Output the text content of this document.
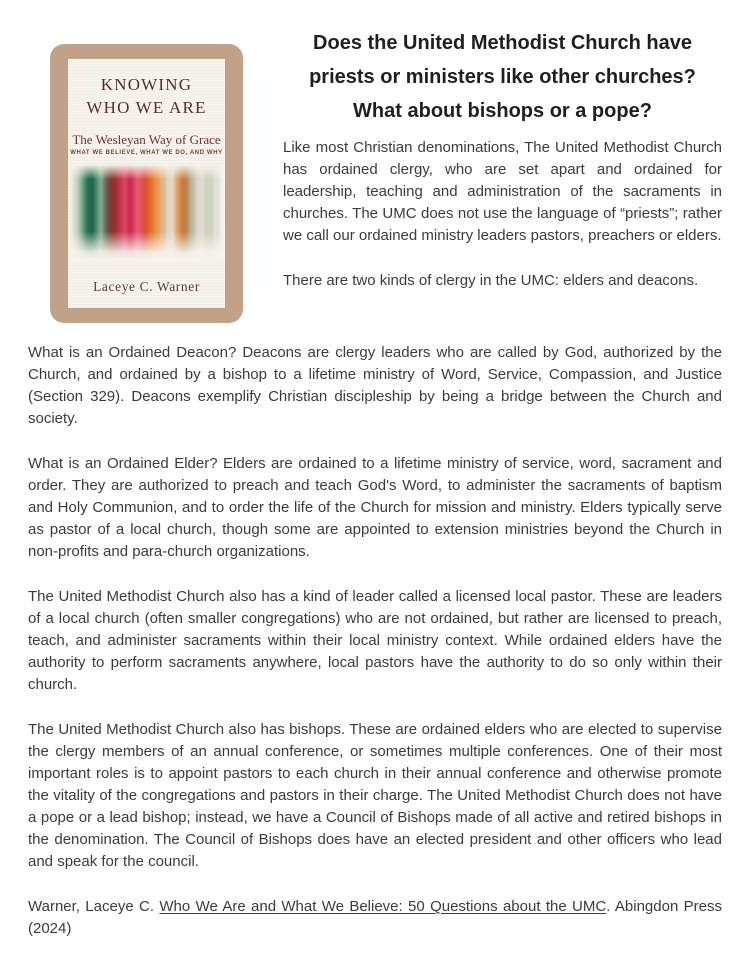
KNOWING
WHO WE ARE
The Wesleyan Way of Grace
WHAT WE BELIEVE, WHAT WE DO, AND WHY
Laceye C. Warner
Does the United Methodist Church have
priests or ministers like other churches?
What about bishops or a pope?

Like most Christian denominations, The United Methodist Church has ordained clergy, who are set apart and ordained for leadership, teaching and administration of the sacraments in churches. The UMC does not use the language of “priests”; rather we call our ordained ministry leaders pastors, preachers or elders.

There are two kinds of clergy in the UMC: elders and deacons.

What is an Ordained Deacon? Deacons are clergy leaders who are called by God, authorized by the Church, and ordained by a bishop to a lifetime ministry of Word, Service, Compassion, and Justice (Section 329). Deacons exemplify Christian discipleship by being a bridge between the Church and society.

What is an Ordained Elder? Elders are ordained to a lifetime ministry of service, word, sacrament and order. They are authorized to preach and teach God's Word, to administer the sacraments of baptism and Holy Communion, and to order the life of the Church for mission and ministry. Elders typically serve as pastor of a local church, though some are appointed to extension ministries beyond the Church in non-profits and para-church organizations.

The United Methodist Church also has a kind of leader called a licensed local pastor. These are leaders of a local church (often smaller congregations) who are not ordained, but rather are licensed to preach, teach, and administer sacraments within their local ministry context. While ordained elders have the authority to perform sacraments anywhere, local pastors have the authority to do so only within their church.

The United Methodist Church also has bishops. These are ordained elders who are elected to supervise the clergy members of an annual conference, or sometimes multiple conferences. One of their most important roles is to appoint pastors to each church in their annual conference and otherwise promote the vitality of the congregations and pastors in their charge. The United Methodist Church does not have a pope or a lead bishop; instead, we have a Council of Bishops made of all active and retired bishops in the denomination. The Council of Bishops does have an elected president and other officers who lead and speak for the council.

Warner, Laceye C. Who We Are and What We Believe: 50 Questions about the UMC. Abingdon Press (2024)
